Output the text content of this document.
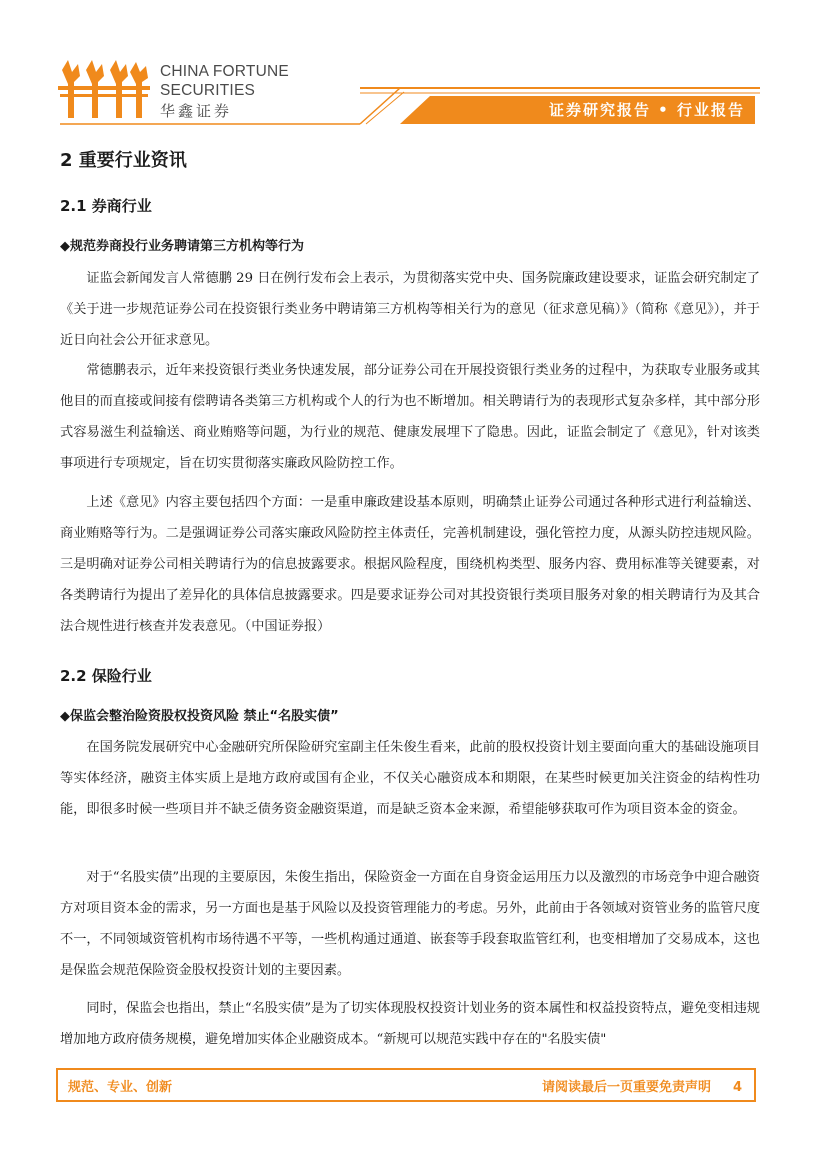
CHINA FORTUNE
SECURITIES
华鑫证券	证券研究报告 • 行业报告
2 重要行业资讯
2.1 券商行业
◆规范券商投行业务聘请第三方机构等行为

证监会新闻发言人常德鹏 29 日在例行发布会上表示，为贯彻落实党中央、国务院廉政建设要求，证监会研究制定了《关于进一步规范证券公司在投资银行类业务中聘请第三方机构等相关行为的意见（征求意见稿）》（简称《意见》），并于近日向社会公开征求意见。

常德鹏表示，近年来投资银行类业务快速发展，部分证券公司在开展投资银行类业务的过程中，为获取专业服务或其他目的而直接或间接有偿聘请各类第三方机构或个人的行为也不断增加。相关聘请行为的表现形式复杂多样，其中部分形式容易滋生利益输送、商业贿赂等问题，为行业的规范、健康发展埋下了隐患。因此，证监会制定了《意见》，针对该类事项进行专项规定，旨在切实贯彻落实廉政风险防控工作。

上述《意见》内容主要包括四个方面：一是重申廉政建设基本原则，明确禁止证券公司通过各种形式进行利益输送、商业贿赂等行为。二是强调证券公司落实廉政风险防控主体责任，完善机制建设，强化管控力度，从源头防控违规风险。三是明确对证券公司相关聘请行为的信息披露要求。根据风险程度，围绕机构类型、服务内容、费用标准等关键要素，对各类聘请行为提出了差异化的具体信息披露要求。四是要求证券公司对其投资银行类项目服务对象的相关聘请行为及其合法合规性进行核查并发表意见。（中国证券报）

2.2 保险行业
◆保监会整治险资股权投资风险 禁止“名股实债”

在国务院发展研究中心金融研究所保险研究室副主任朱俊生看来，此前的股权投资计划主要面向重大的基础设施项目等实体经济，融资主体实质上是地方政府或国有企业，不仅关心融资成本和期限，在某些时候更加关注资金的结构性功能，即很多时候一些项目并不缺乏债务资金融资渠道，而是缺乏资本金来源，希望能够获取可作为项目资本金的资金。

对于“名股实债”出现的主要原因，朱俊生指出，保险资金一方面在自身资金运用压力以及激烈的市场竞争中迎合融资方对项目资本金的需求，另一方面也是基于风险以及投资管理能力的考虑。另外，此前由于各领域对资管业务的监管尺度不一，不同领域资管机构市场待遇不平等，一些机构通过通道、嵌套等手段套取监管红利，也变相增加了交易成本，这也是保监会规范保险资金股权投资计划的主要因素。

同时，保监会也指出，禁止“名股实债”是为了切实体现股权投资计划业务的资本属性和权益投资特点，避免变相违规增加地方政府债务规模，避免增加实体企业融资成本。“新规可以规范实践中存在的"名股实债"

规范、专业、创新	请阅读最后一页重要免责声明 4
